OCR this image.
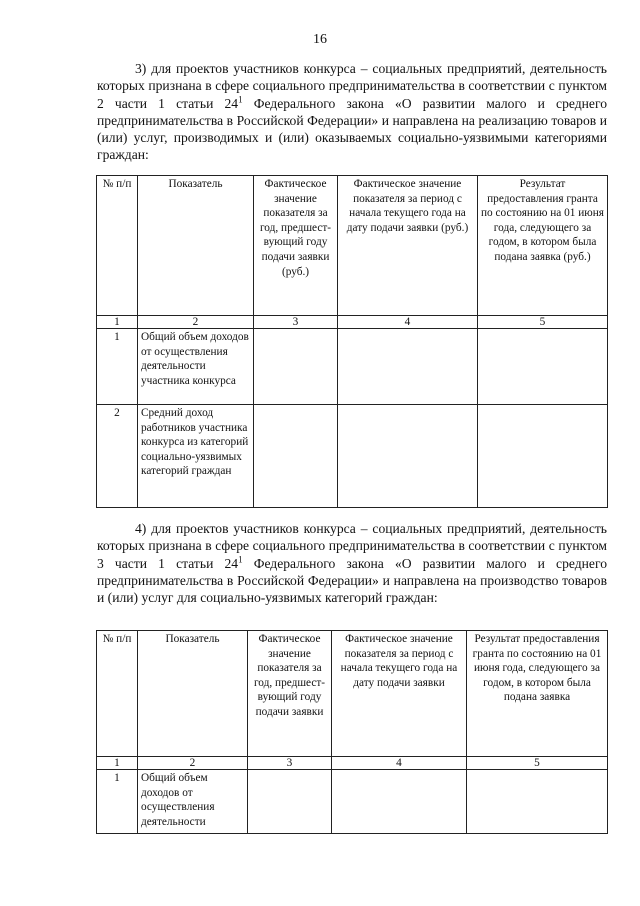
16

3) для проектов участников конкурса – социальных предприятий, деятельность которых признана в сфере социального предпринимательства в соответствии с пунктом 2 части 1 статьи $24^1$ Федерального закона «О развитии малого и среднего предпринимательства в Российской Федерации» и направлена на реализацию товаров и (или) услуг, производимых и (или) оказываемых социально-уязвимыми категориями граждан:

№ п/п	Показатель	Фактическое значение показателя за год, предшест-вующий году подачи заявки (руб.)	Фактическое значение показателя за период с начала текущего года на дату подачи заявки (руб.)	Результат предоставления гранта по состоянию на 01 июня года, следующего за годом, в котором была подана заявка (руб.)
1	2	3	4	5
1	Общий объем доходов от осуществления деятельности участника конкурса			
2	Средний доход работников участника конкурса из категорий социально-уязвимых категорий граждан			

4) для проектов участников конкурса – социальных предприятий, деятельность которых признана в сфере социального предпринимательства в соответствии с пунктом 3 части 1 статьи $24^1$ Федерального закона «О развитии малого и среднего предпринимательства в Российской Федерации» и направлена на производство товаров и (или) услуг для социально-уязвимых категорий граждан:

№ п/п	Показатель	Фактическое значение показателя за год, предшест-вующий году подачи заявки	Фактическое значение показателя за период с начала текущего года на дату подачи заявки	Результат предоставления гранта по состоянию на 01 июня года, следующего за годом, в котором была подана заявка
1	2	3	4	5
1	Общий объем доходов от осуществления деятельности			
